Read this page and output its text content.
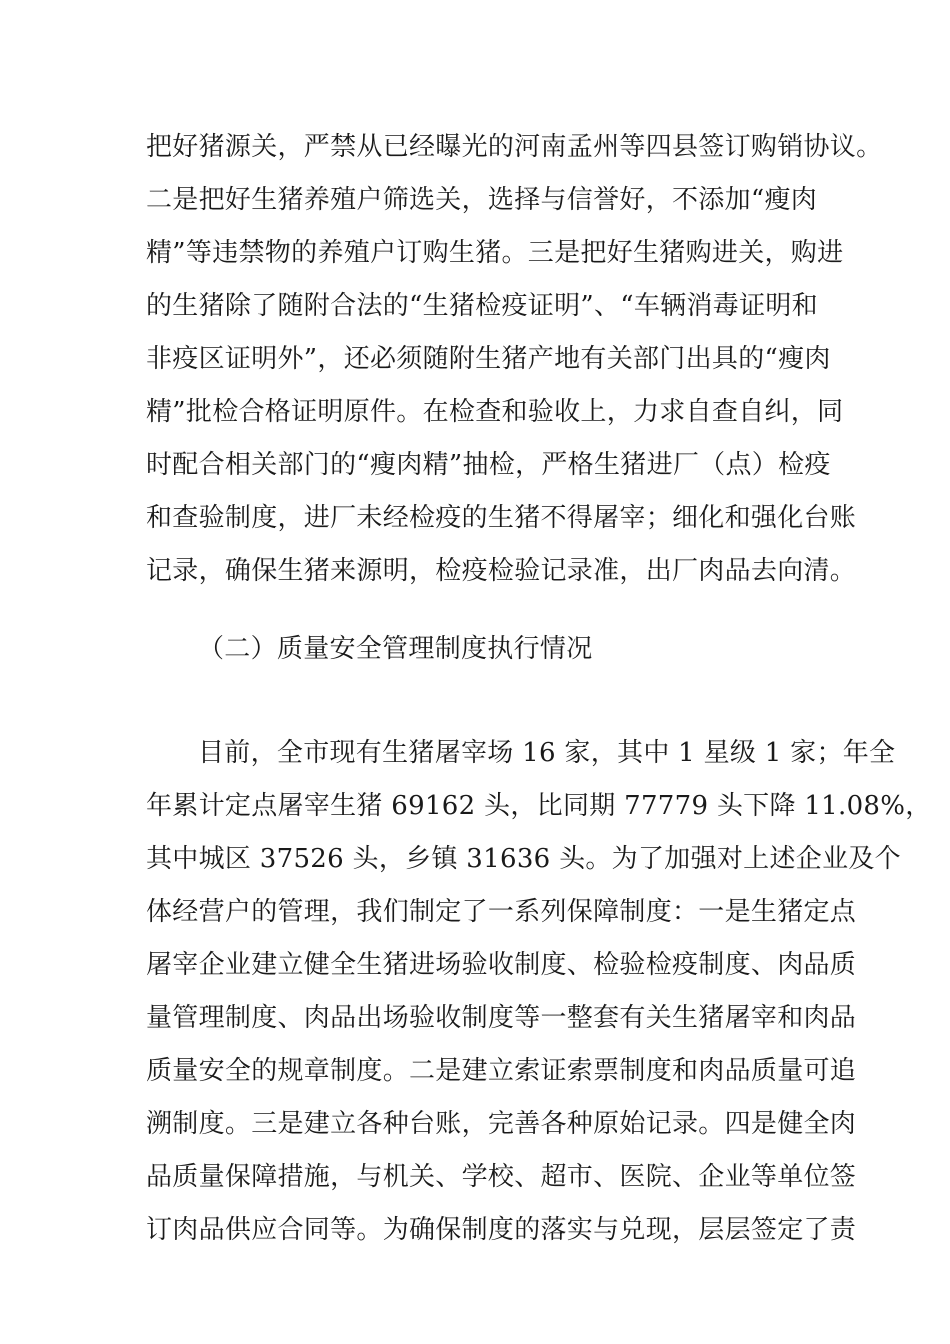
把好猪源关，严禁从已经曝光的河南孟州等四县签订购销协议。
二是把好生猪养殖户筛选关，选择与信誉好，不添加“瘦肉
精”等违禁物的养殖户订购生猪。三是把好生猪购进关，购进
的生猪除了随附合法的“生猪检疫证明”、“车辆消毒证明和
非疫区证明外”，还必须随附生猪产地有关部门出具的“瘦肉
精”批检合格证明原件。在检查和验收上，力求自查自纠，同
时配合相关部门的“瘦肉精”抽检，严格生猪进厂（点）检疫
和查验制度，进厂未经检疫的生猪不得屠宰；细化和强化台账
记录，确保生猪来源明，检疫检验记录准，出厂肉品去向清。
（二）质量安全管理制度执行情况
目前，全市现有生猪屠宰场 16 家，其中 1 星级 1 家；年全
年累计定点屠宰生猪 69162 头，比同期 77779 头下降 11.08%，
其中城区 37526 头，乡镇 31636 头。为了加强对上述企业及个
体经营户的管理，我们制定了一系列保障制度：一是生猪定点
屠宰企业建立健全生猪进场验收制度、检验检疫制度、肉品质
量管理制度、肉品出场验收制度等一整套有关生猪屠宰和肉品
质量安全的规章制度。二是建立索证索票制度和肉品质量可追
溯制度。三是建立各种台账，完善各种原始记录。四是健全肉
品质量保障措施，与机关、学校、超市、医院、企业等单位签
订肉品供应合同等。为确保制度的落实与兑现，层层签定了责
